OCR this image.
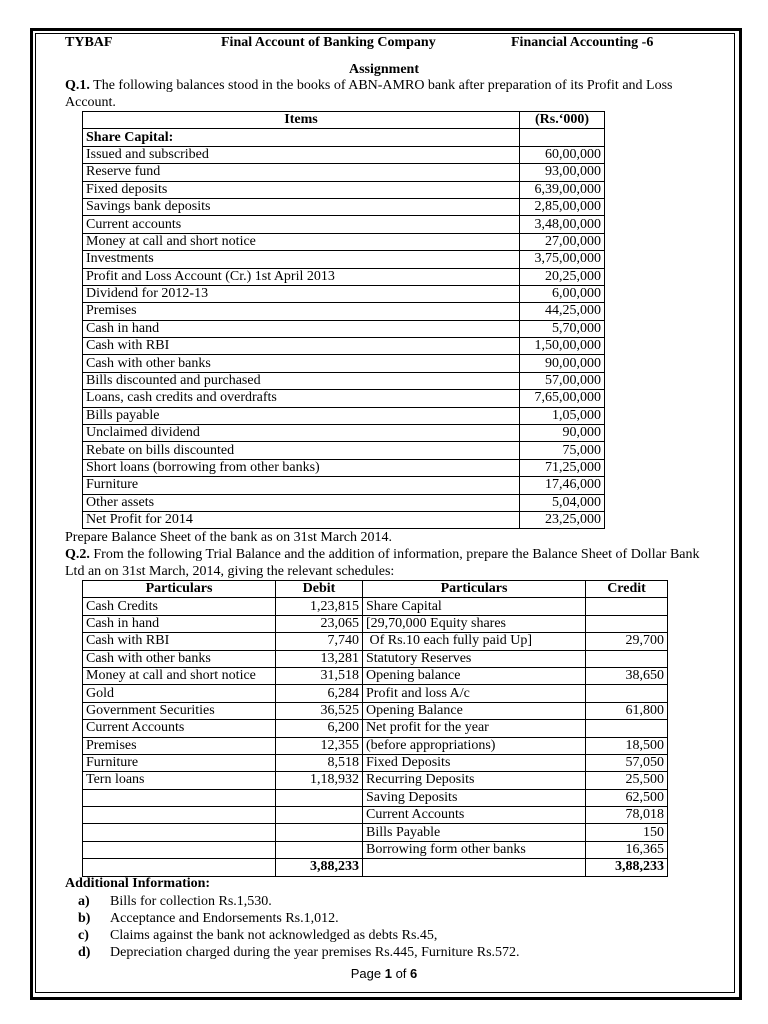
TYBAF	Final Account of Banking Company	Financial Accounting -6
Assignment
Q.1. The following balances stood in the books of ABN-AMRO bank after preparation of its Profit and Loss Account.
Items	(Rs.‘000)
Share Capital:	
Issued and subscribed	60,00,000
Reserve fund	93,00,000
Fixed deposits	6,39,00,000
Savings bank deposits	2,85,00,000
Current accounts	3,48,00,000
Money at call and short notice	27,00,000
Investments	3,75,00,000
Profit and Loss Account (Cr.) 1st April 2013	20,25,000
Dividend for 2012-13	6,00,000
Premises	44,25,000
Cash in hand	5,70,000
Cash with RBI	1,50,00,000
Cash with other banks	90,00,000
Bills discounted and purchased	57,00,000
Loans, cash credits and overdrafts	7,65,00,000
Bills payable	1,05,000
Unclaimed dividend	90,000
Rebate on bills discounted	75,000
Short loans (borrowing from other banks)	71,25,000
Furniture	17,46,000
Other assets	5,04,000
Net Profit for 2014	23,25,000
Prepare Balance Sheet of the bank as on 31st March 2014.
Q.2. From the following Trial Balance and the addition of information, prepare the Balance Sheet of Dollar Bank Ltd an on 31st March, 2014, giving the relevant schedules:
Particulars	Debit	Particulars	Credit
Cash Credits	1,23,815	Share Capital	
Cash in hand	23,065	[29,70,000 Equity shares	
Cash with RBI	7,740	Of Rs.10 each fully paid Up]	29,700
Cash with other banks	13,281	Statutory Reserves	
Money at call and short notice	31,518	Opening balance	38,650
Gold	6,284	Profit and loss A/c	
Government Securities	36,525	Opening Balance	61,800
Current Accounts	6,200	Net profit for the year	
Premises	12,355	(before appropriations)	18,500
Furniture	8,518	Fixed Deposits	57,050
Tern loans	1,18,932	Recurring Deposits	25,500
		Saving Deposits	62,500
		Current Accounts	78,018
		Bills Payable	150
		Borrowing form other banks	16,365
	3,88,233		3,88,233
Additional Information:
a) Bills for collection Rs.1,530.
b) Acceptance and Endorsements Rs.1,012.
c) Claims against the bank not acknowledged as debts Rs.45,
d) Depreciation charged during the year premises Rs.445, Furniture Rs.572.
Page 1 of 6
